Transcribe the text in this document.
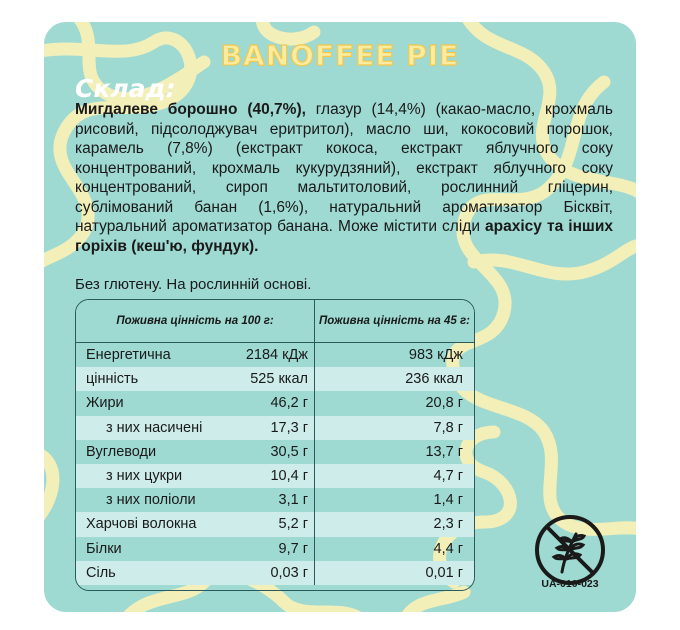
BANOFFEE PIE
Склад:
Мигдалеве борошно (40,7%), глазур (14,4%) (какао-масло, крохмаль рисовий, підсолоджувач еритритол), масло ши, кокосовий порошок, карамель (7,8%) (екстракт кокоса, екстракт яблучного соку концентрований, крохмаль кукурудзяний), екстракт яблучного соку концентрований, сироп мальтитоловий, рослинний гліцерин, сублімований банан (1,6%), натуральний ароматизатор Бісквіт, натуральний ароматизатор банана. Може містити сліди арахісу та інших горіхів (кеш'ю, фундук).
Без глютену. На рослинній основі.
Поживна цінність на 100 г:	Поживна цінність на 45 г:
Енергетична	2184 кДж	983 кДж
цінність	525 ккал	236 ккал
Жири	46,2 г	20,8 г
з них насичені	17,3 г	7,8 г
Вуглеводи	30,5 г	13,7 г
з них цукри	10,4 г	4,7 г
з них поліоли	3,1 г	1,4 г
Харчові волокна	5,2 г	2,3 г
Білки	9,7 г	4,4 г
Сіль	0,03 г	0,01 г
UA-010-023
